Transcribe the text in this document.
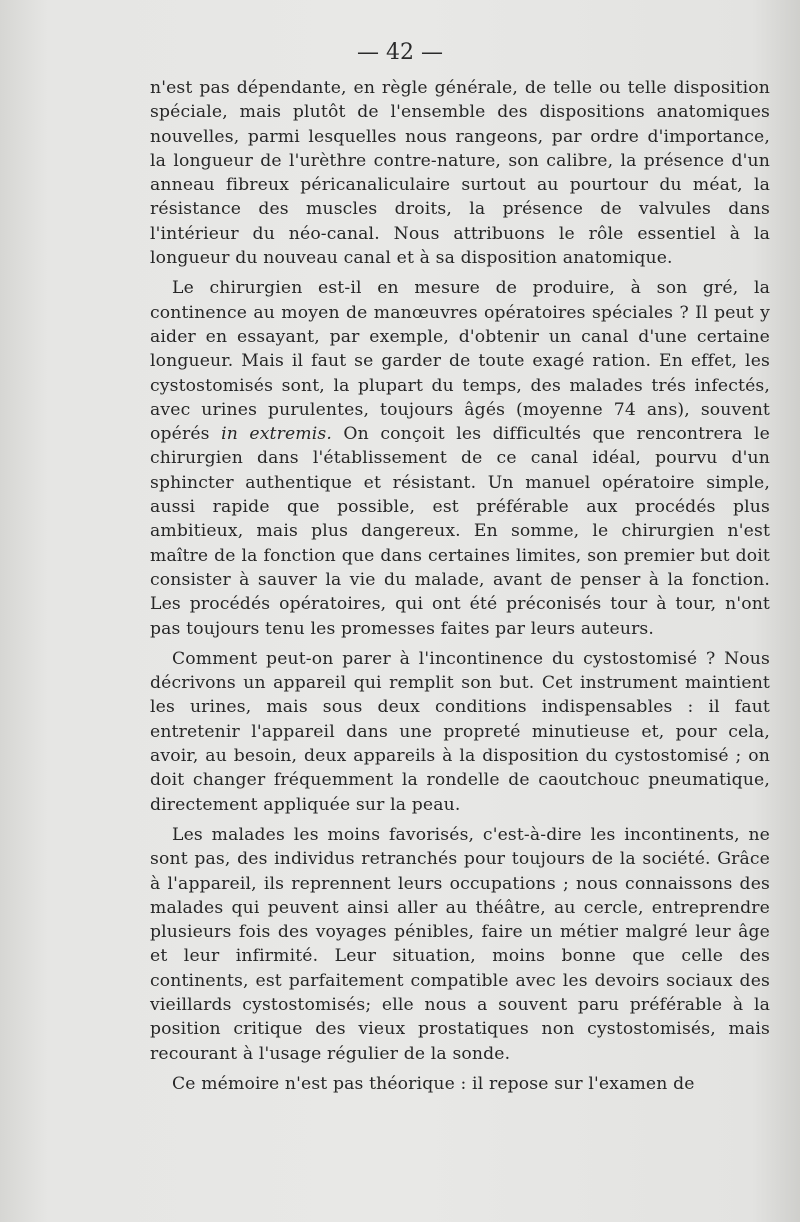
— 42 —

n'est pas dépendante, en règle générale, de telle ou telle disposition spéciale, mais plutôt de l'ensemble des dispositions anatomiques nouvelles, parmi lesquelles nous rangeons, par ordre d'importance, la longueur de l'urèthre contre-nature, son calibre, la présence d'un anneau fibreux péricanaliculaire surtout au pourtour du méat, la résistance des muscles droits, la présence de valvules dans l'intérieur du néo-canal. Nous attribuons le rôle essentiel à la longueur du nouveau canal et à sa disposition anatomique.

Le chirurgien est-il en mesure de produire, à son gré, la continence au moyen de manœuvres opératoires spéciales ? Il peut y aider en essayant, par exemple, d'obtenir un canal d'une certaine longueur. Mais il faut se garder de toute exagé ration. En effet, les cystostomisés sont, la plupart du temps, des malades trés infectés, avec urines purulentes, toujours âgés (moyenne 74 ans), souvent opérés in extremis. On conçoit les difficultés que rencontrera le chirurgien dans l'établissement de ce canal idéal, pourvu d'un sphincter authentique et résistant. Un manuel opératoire simple, aussi rapide que possible, est préférable aux procédés plus ambitieux, mais plus dangereux. En somme, le chirurgien n'est maître de la fonction que dans certaines limites, son premier but doit consister à sauver la vie du malade, avant de penser à la fonction. Les procédés opératoires, qui ont été préconisés tour à tour, n'ont pas toujours tenu les promesses faites par leurs auteurs.

Comment peut-on parer à l'incontinence du cystostomisé ? Nous décrivons un appareil qui remplit son but. Cet instrument maintient les urines, mais sous deux conditions indispensables : il faut entretenir l'appareil dans une propreté minutieuse et, pour cela, avoir, au besoin, deux appareils à la disposition du cystostomisé ; on doit changer fréquemment la rondelle de caoutchouc pneumatique, directement appliquée sur la peau.

Les malades les moins favorisés, c'est-à-dire les incontinents, ne sont pas, des individus retranchés pour toujours de la société. Grâce à l'appareil, ils reprennent leurs occupations ; nous connaissons des malades qui peuvent ainsi aller au théâtre, au cercle, entreprendre plusieurs fois des voyages pénibles, faire un métier malgré leur âge et leur infirmité. Leur situation, moins bonne que celle des continents, est parfaitement compatible avec les devoirs sociaux des vieillards cystostomisés; elle nous a souvent paru préférable à la position critique des vieux prostatiques non cystostomisés, mais recourant à l'usage régulier de la sonde.

Ce mémoire n'est pas théorique : il repose sur l'examen de
